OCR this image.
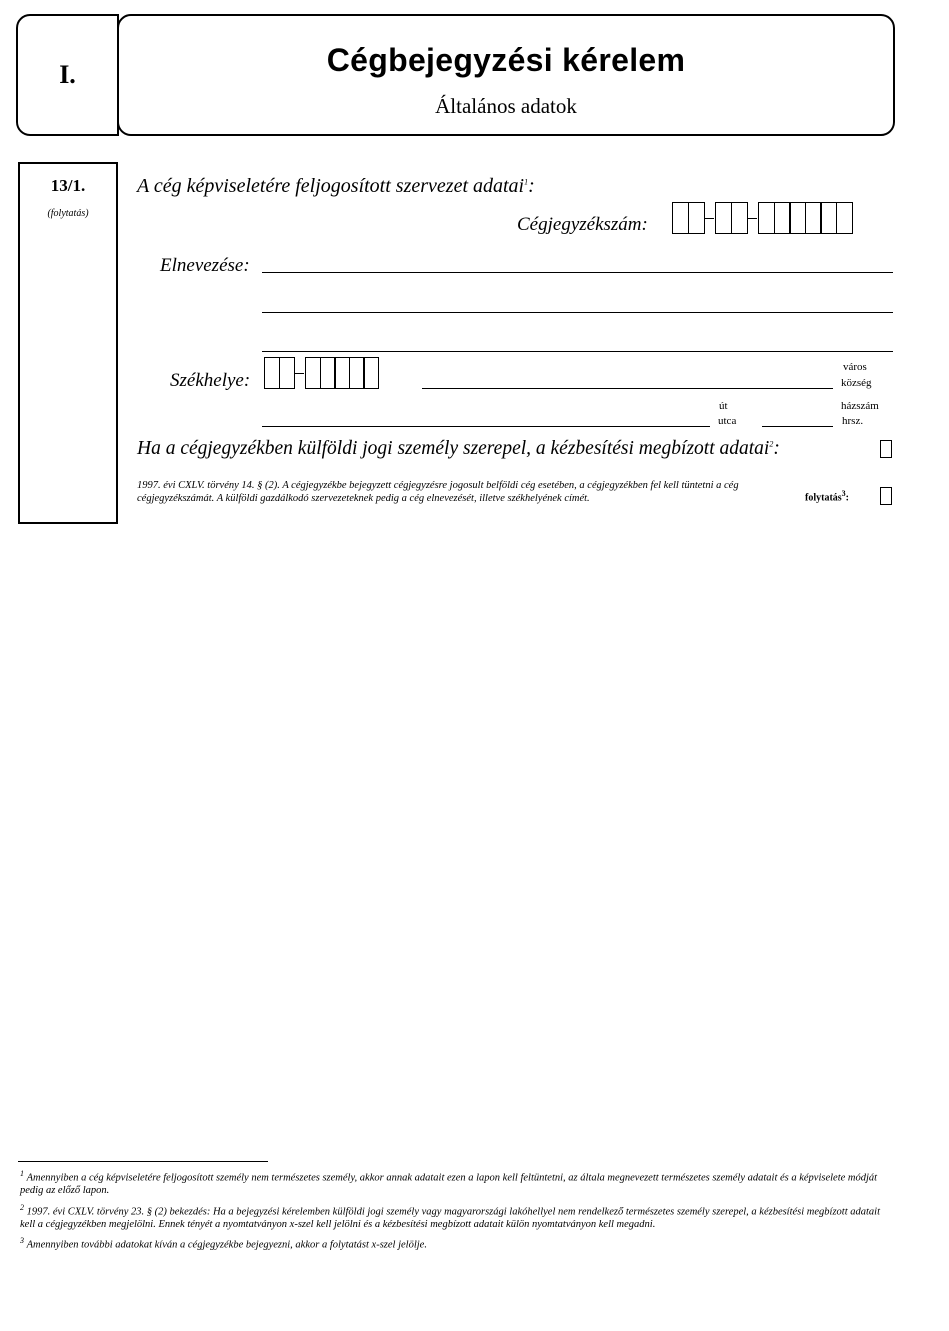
I.	Cégbejegyzési kérelem
Általános adatok
13/1.
(folytatás)
A cég képviseletére feljogosított szervezet adatai$^1$:
Cégjegyzékszám:
Elnevezése:
Székhelye:
város
község
út
utca
házszám
hrsz.
Ha a cégjegyzékben külföldi jogi személy szerepel, a kézbesítési megbízott adatai$^2$:
1997. évi CXLV. törvény 14. § (2). A cégjegyzékbe bejegyzett cégjegyzésre jogosult belföldi cég esetében, a cégjegyzékben fel kell tüntetni a cég cégjegyzékszámát. A külföldi gazdálkodó szervezeteknek pedig a cég elnevezését, illetve székhelyének címét.	folytatás$^3$:
$^1$ Amennyiben a cég képviseletére feljogosított személy nem természetes személy, akkor annak adatait ezen a lapon kell feltüntetni, az általa megnevezett természetes személy adatait és a képviselete módját pedig az előző lapon.
$^2$ 1997. évi CXLV. törvény 23. § (2) bekezdés: Ha a bejegyzési kérelemben külföldi jogi személy vagy magyarországi lakóhellyel nem rendelkező természetes személy szerepel, a kézbesítési megbízott adatait kell a cégjegyzékben megjelölni. Ennek tényét a nyomtatványon x-szel kell jelölni és a kézbesítési megbízott adatait külön nyomtatványon kell megadni.
$^3$ Amennyiben további adatokat kíván a cégjegyzékbe bejegyezni, akkor a folytatást x-szel jelölje.
